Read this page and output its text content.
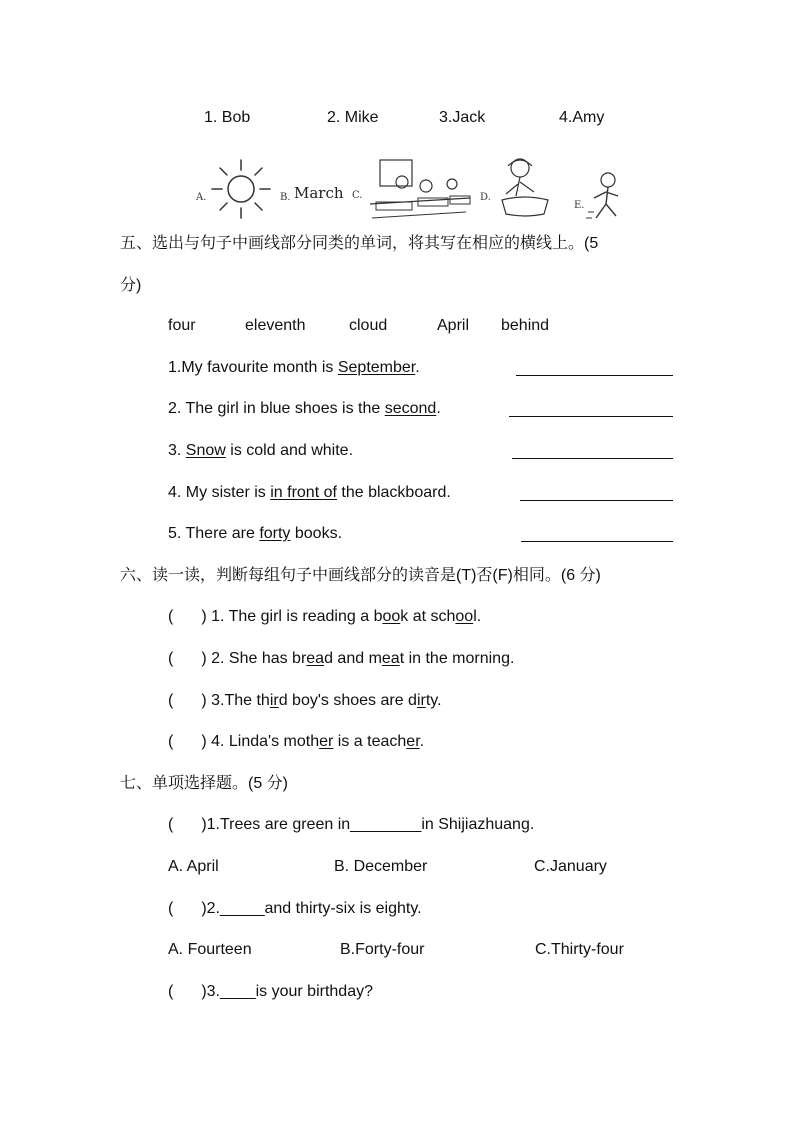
1. Bob	2. Mike	3.Jack	4.Amy
A.	B. March C.	D.
E.
五、选出与句子中画线部分同类的单词，将其写在相应的横线上。(5
分)
four	eleventh	cloud	April behind
1.My favourite month is September.
2. The girl in blue shoes is the second.
3. Snow is cold and white.
4. My sister is in front of the blackboard.
5. There are forty books.
六、读一读，判断每组句子中画线部分的读音是(T)否(F)相同。(6 分)
( ) 1. The girl is reading a book at school.
( ) 2. She has bread and meat in the morning.
( ) 3.The third boy's shoes are dirty.
( ) 4. Linda's mother is a teacher.
七、单项选择题。(5 分)
( )1.Trees are green in________in Shijiazhuang.
A. April	B. December	C.January
( )2._____and thirty-six is eighty.
A. Fourteen	B.Forty-four	C.Thirty-four
( )3.____is your birthday?
